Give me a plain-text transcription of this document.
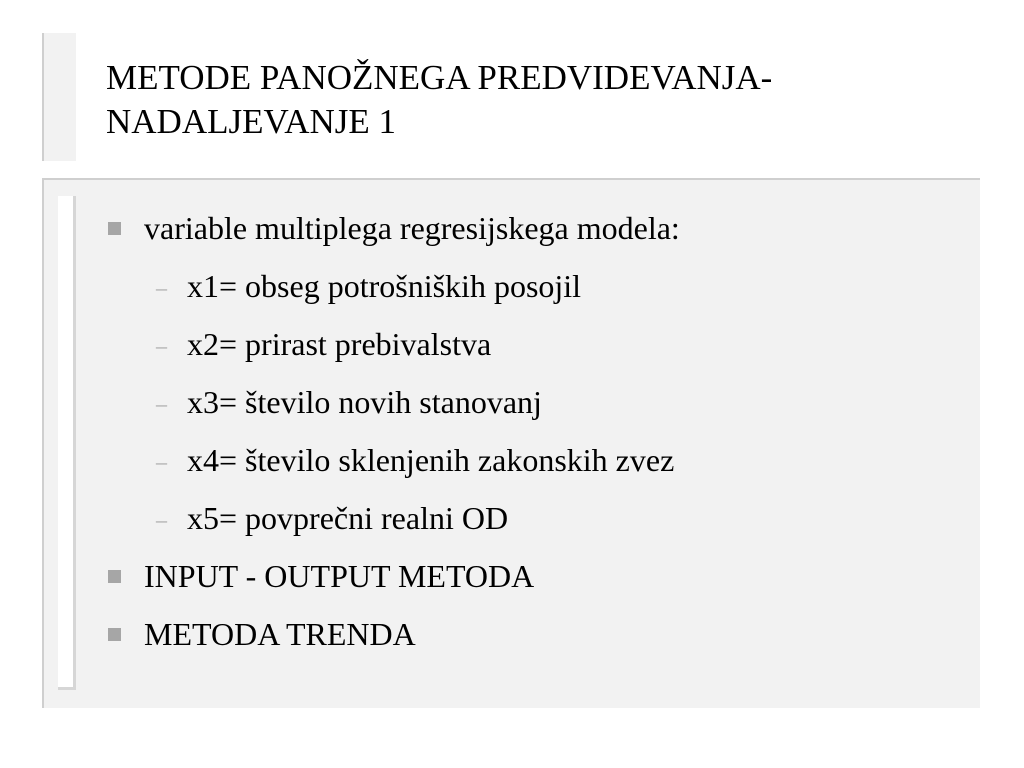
METODE PANOŽNEGA PREDVIDEVANJA-
NADALJEVANJE 1
variable multiplega regresijskega modela:
– x1= obseg potrošniških posojil
– x2= prirast prebivalstva
– x3= število novih stanovanj
– x4= število sklenjenih zakonskih zvez
– x5= povprečni realni OD
INPUT - OUTPUT METODA
METODA TRENDA
